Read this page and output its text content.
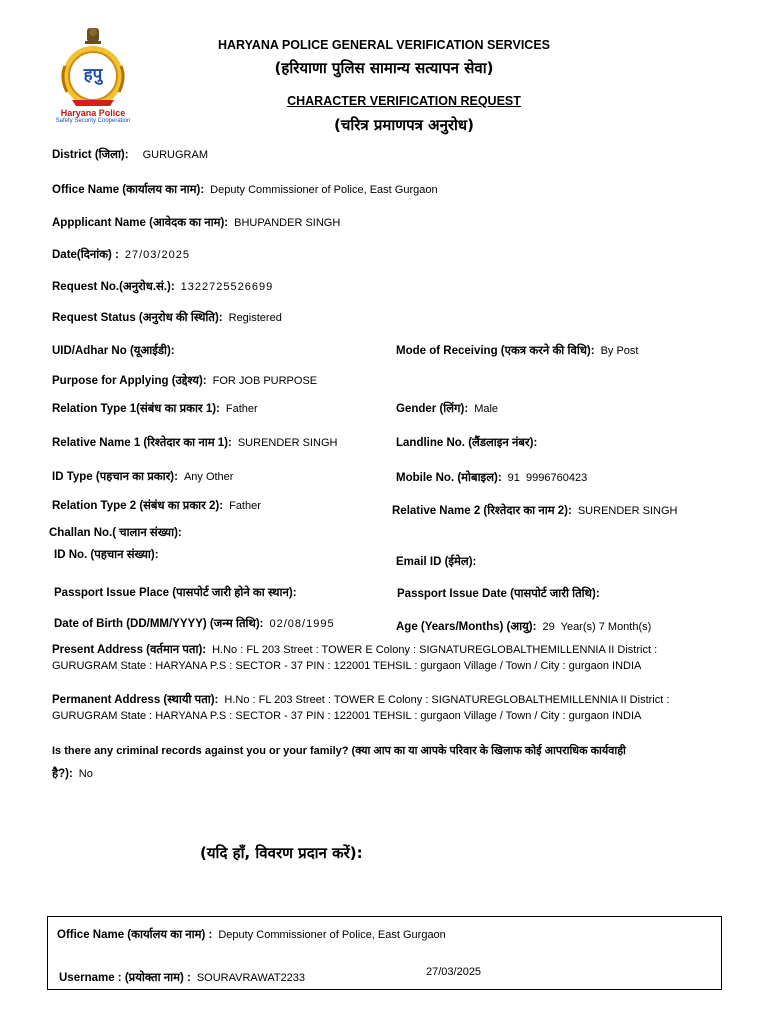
हपु
Haryana Police
Safety Security Cooperation
HARYANA POLICE GENERAL VERIFICATION SERVICES
(हरियाणा पुलिस सामान्य सत्यापन सेवा)
CHARACTER VERIFICATION REQUEST
(चरित्र प्रमाणपत्र अनुरोध)
District (जिला): GURUGRAM
Office Name (कार्यालय का नाम): Deputy Commissioner of Police, East Gurgaon
Appplicant Name (आवेदक का नाम): BHUPANDER SINGH
Date(दिनांक) : 27/03/2025
Request No.(अनुरोध.सं.): 1322725526699
Request Status (अनुरोध की स्थिति): Registered
UID/Adhar No (यूआईडी):	Mode of Receiving (एकत्र करने की विधि): By Post
Purpose for Applying (उद्देश्य): FOR JOB PURPOSE
Relation Type 1(संबंध का प्रकार 1): Father	Gender (लिंग): Male
Relative Name 1 (रिश्तेदार का नाम 1): SURENDER SINGH	Landline No. (लैंडलाइन नंबर):
ID Type (पहचान का प्रकार): Any Other	Mobile No. (मोबाइल): 91  9996760423
Relation Type 2 (संबंध का प्रकार 2): Father	Relative Name 2 (रिश्तेदार का नाम 2): SURENDER SINGH
Challan No.( चालान संख्या):
ID No. (पहचान संख्या):
Email ID (ईमेल):
Passport Issue Place (पासपोर्ट जारी होने का स्थान):	Passport Issue Date (पासपोर्ट जारी तिथि):
Date of Birth (DD/MM/YYYY) (जन्म तिथि): 02/08/1995	Age (Years/Months) (आयु): 29  Year(s) 7 Month(s)
Present Address (वर्तमान पता): H.No : FL 203 Street : TOWER E Colony : SIGNATUREGLOBALTHEMILLENNIA II District :
GURUGRAM State : HARYANA P.S : SECTOR - 37 PIN : 122001 TEHSIL : gurgaon Village / Town / City : gurgaon INDIA
Permanent Address (स्थायी पता): H.No : FL 203 Street : TOWER E Colony : SIGNATUREGLOBALTHEMILLENNIA II District :
GURUGRAM State : HARYANA P.S : SECTOR - 37 PIN : 122001 TEHSIL : gurgaon Village / Town / City : gurgaon INDIA
Is there any criminal records against you or your family? (क्या आप का या आपके परिवार के खिलाफ कोई आपराधिक कार्यवाही
है?): No
(यदि हाँ, विवरण प्रदान करें):
Office Name (कार्यालय का नाम) : Deputy Commissioner of Police, East Gurgaon
Username : (प्रयोक्ता नाम) : SOURAVRAWAT2233	27/03/2025
